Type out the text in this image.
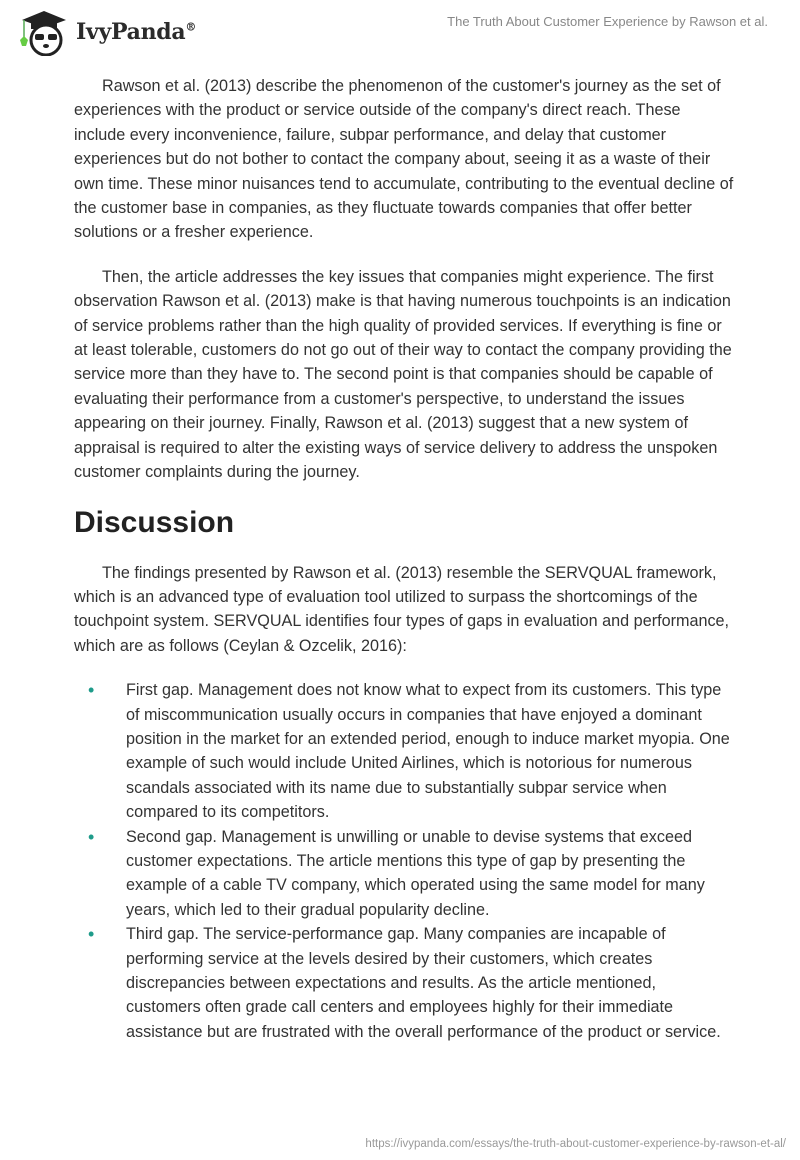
IvyPanda®	The Truth About Customer Experience by Rawson et al.

Rawson et al. (2013) describe the phenomenon of the customer's journey as the set of experiences with the product or service outside of the company's direct reach. These include every inconvenience, failure, subpar performance, and delay that customer experiences but do not bother to contact the company about, seeing it as a waste of their own time. These minor nuisances tend to accumulate, contributing to the eventual decline of the customer base in companies, as they fluctuate towards companies that offer better solutions or a fresher experience.

Then, the article addresses the key issues that companies might experience. The first observation Rawson et al. (2013) make is that having numerous touchpoints is an indication of service problems rather than the high quality of provided services. If everything is fine or at least tolerable, customers do not go out of their way to contact the company providing the service more than they have to. The second point is that companies should be capable of evaluating their performance from a customer's perspective, to understand the issues appearing on their journey. Finally, Rawson et al. (2013) suggest that a new system of appraisal is required to alter the existing ways of service delivery to address the unspoken customer complaints during the journey.

Discussion

The findings presented by Rawson et al. (2013) resemble the SERVQUAL framework, which is an advanced type of evaluation tool utilized to surpass the shortcomings of the touchpoint system. SERVQUAL identifies four types of gaps in evaluation and performance, which are as follows (Ceylan & Ozcelik, 2016):

• First gap. Management does not know what to expect from its customers. This type of miscommunication usually occurs in companies that have enjoyed a dominant position in the market for an extended period, enough to induce market myopia. One example of such would include United Airlines, which is notorious for numerous scandals associated with its name due to substantially subpar service when compared to its competitors.
• Second gap. Management is unwilling or unable to devise systems that exceed customer expectations. The article mentions this type of gap by presenting the example of a cable TV company, which operated using the same model for many years, which led to their gradual popularity decline.
• Third gap. The service-performance gap. Many companies are incapable of performing service at the levels desired by their customers, which creates discrepancies between expectations and results. As the article mentioned, customers often grade call centers and employees highly for their immediate assistance but are frustrated with the overall performance of the product or service.
https://ivypanda.com/essays/the-truth-about-customer-experience-by-rawson-et-al/
